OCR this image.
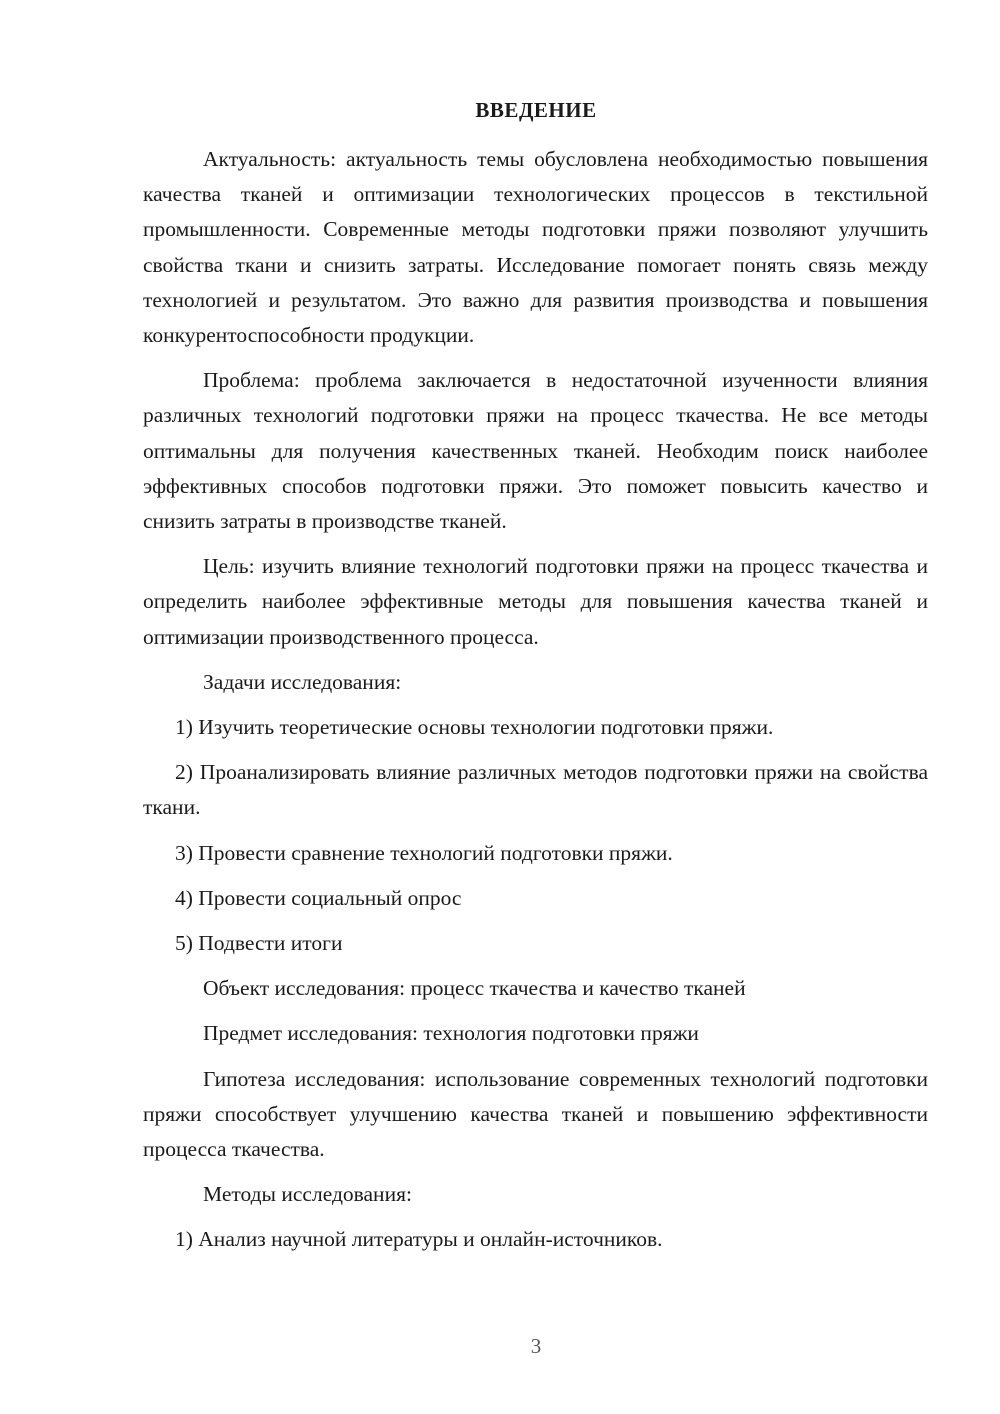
ВВЕДЕНИЕ

Актуальность: актуальность темы обусловлена необходимостью повышения качества тканей и оптимизации технологических процессов в текстильной промышленности. Современные методы подготовки пряжи позволяют улучшить свойства ткани и снизить затраты. Исследование помогает понять связь между технологией и результатом. Это важно для развития производства и повышения конкурентоспособности продукции.

Проблема: проблема заключается в недостаточной изученности влияния различных технологий подготовки пряжи на процесс ткачества. Не все методы оптимальны для получения качественных тканей. Необходим поиск наиболее эффективных способов подготовки пряжи. Это поможет повысить качество и снизить затраты в производстве тканей.

Цель: изучить влияние технологий подготовки пряжи на процесс ткачества и определить наиболее эффективные методы для повышения качества тканей и оптимизации производственного процесса.

Задачи исследования:

1) Изучить теоретические основы технологии подготовки пряжи.

2) Проанализировать влияние различных методов подготовки пряжи на свойства ткани.

3) Провести сравнение технологий подготовки пряжи.

4) Провести социальный опрос

5) Подвести итоги

Объект исследования: процесс ткачества и качество тканей

Предмет исследования: технология подготовки пряжи

Гипотеза исследования: использование современных технологий подготовки пряжи способствует улучшению качества тканей и повышению эффективности процесса ткачества.

Методы исследования:

1) Анализ научной литературы и онлайн-источников.

3
